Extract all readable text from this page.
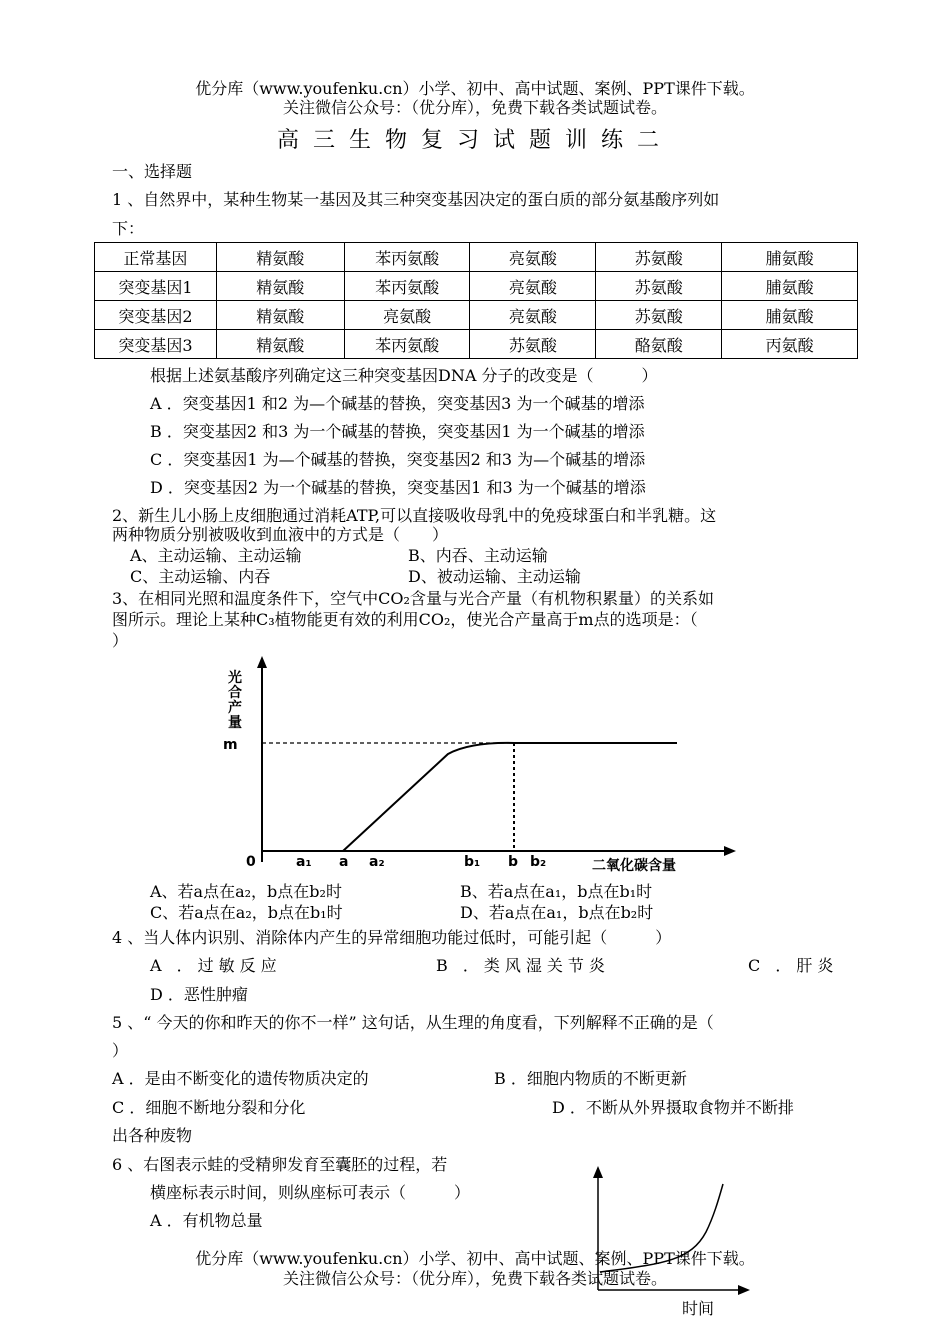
优分库（www.youfenku.cn）小学、初中、高中试题、案例、PPT课件下载。
关注微信公众号：（优分库），免费下载各类试题试卷。
高三生物复习试题训练二
一、选择题
1 、自然界中，某种生物某一基因及其三种突变基因决定的蛋白质的部分氨基酸序列如
下：
正常基因	精氨酸	苯丙氨酸	亮氨酸	苏氨酸	脯氨酸
突变基因1	精氨酸	苯丙氨酸	亮氨酸	苏氨酸	脯氨酸
突变基因2	精氨酸	亮氨酸	亮氨酸	苏氨酸	脯氨酸
突变基因3	精氨酸	苯丙氨酸	苏氨酸	酪氨酸	丙氨酸
根据上述氨基酸序列确定这三种突变基因DNA 分子的改变是（　　　）
A ．突变基因1 和2 为—个碱基的替换，突变基因3 为一个碱基的增添
B ．突变基因2 和3 为一个碱基的替换，突变基因1 为一个碱基的增添
C ．突变基因1 为—个碱基的替换，突变基因2 和3 为—个碱基的增添
D ．突变基因2 为一个碱基的替换，突变基因1 和3 为一个碱基的增添
2、新生儿小肠上皮细胞通过消耗ATP,可以直接吸收母乳中的免疫球蛋白和半乳糖。这
两种物质分别被吸收到血液中的方式是（　　）
A、主动运输、主动运输	B、内吞、主动运输
C、主动运输、内吞	D、被动运输、主动运输
3、在相同光照和温度条件下，空气中CO₂含量与光合产量（有机物积累量）的关系如
图所示。理论上某种C₃植物能更有效的利用CO₂，使光合产量高于m点的选项是：（
）
光
合
产
量
m
0	a₁ a a₂	b₁ b b₂	二氧化碳含量
A、若a点在a₂，b点在b₂时	B、若a点在a₁，b点在b₁时
C、若a点在a₂，b点在b₁时	D、若a点在a₁，b点在b₂时
4 、当人体内识别、消除体内产生的异常细胞功能过低时，可能引起（　　　）
A ．过敏反应	B ．类风湿关节炎	C ．肝炎
D ．恶性肿瘤
5 、“ 今天的你和昨天的你不一样” 这句话，从生理的角度看，下列解释不正确的是（
）
A ．是由不断变化的遗传物质决定的	B ．细胞内物质的不断更新
C ．细胞不断地分裂和分化	D ．不断从外界摄取食物并不断排
出各种废物
6 、右图表示蛙的受精卵发育至囊胚的过程，若
横座标表示时间，则纵座标可表示（　　　）
A ．有机物总量
时间
优分库（www.youfenku.cn）小学、初中、高中试题、案例、PPT课件下载。
关注微信公众号：（优分库），免费下载各类试题试卷。
